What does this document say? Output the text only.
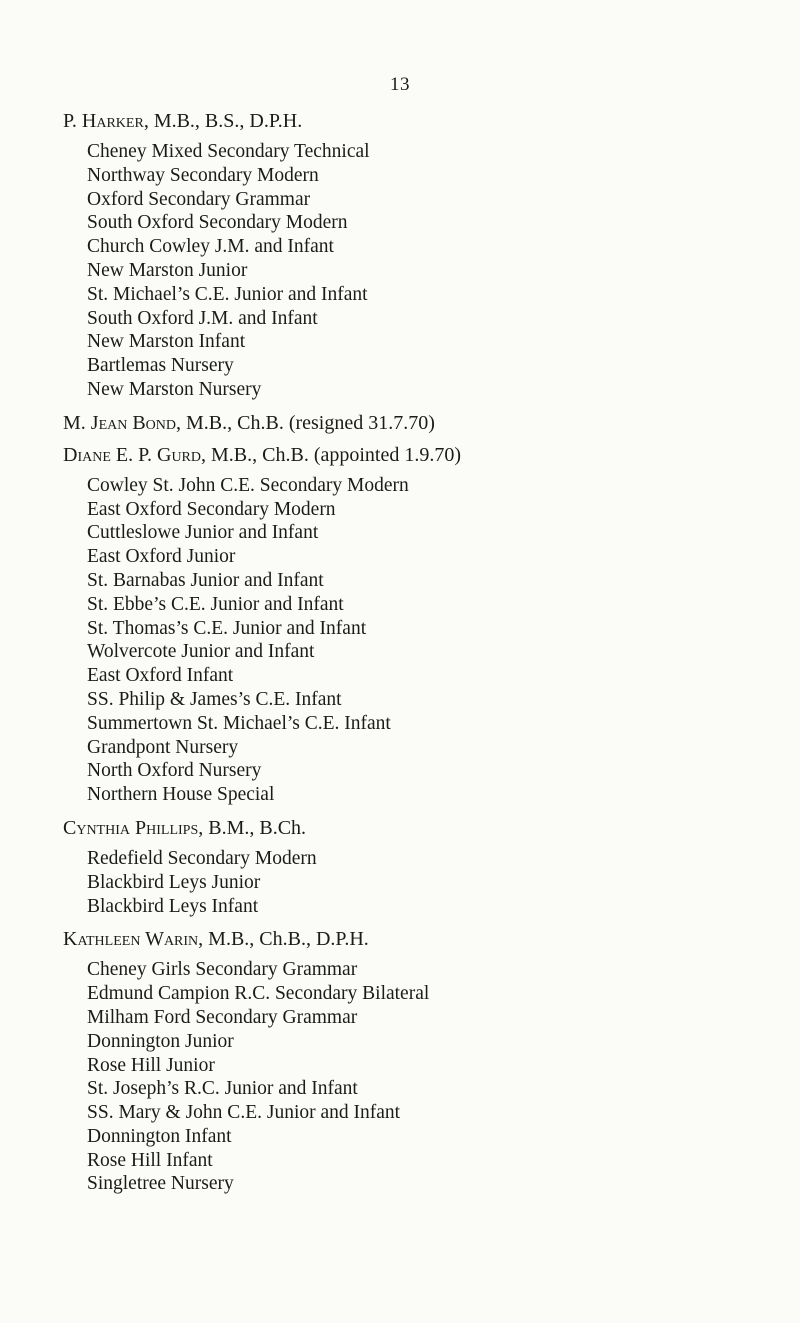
13
P. Harker, M.B., B.S., D.P.H.
Cheney Mixed Secondary Technical
Northway Secondary Modern
Oxford Secondary Grammar
South Oxford Secondary Modern
Church Cowley J.M. and Infant
New Marston Junior
St. Michael’s C.E. Junior and Infant
South Oxford J.M. and Infant
New Marston Infant
Bartlemas Nursery
New Marston Nursery
M. Jean Bond, M.B., Ch.B. (resigned 31.7.70)
Diane E. P. Gurd, M.B., Ch.B. (appointed 1.9.70)
Cowley St. John C.E. Secondary Modern
East Oxford Secondary Modern
Cuttleslowe Junior and Infant
East Oxford Junior
St. Barnabas Junior and Infant
St. Ebbe’s C.E. Junior and Infant
St. Thomas’s C.E. Junior and Infant
Wolvercote Junior and Infant
East Oxford Infant
SS. Philip & James’s C.E. Infant
Summertown St. Michael’s C.E. Infant
Grandpont Nursery
North Oxford Nursery
Northern House Special
Cynthia Phillips, B.M., B.Ch.
Redefield Secondary Modern
Blackbird Leys Junior
Blackbird Leys Infant
Kathleen Warin, M.B., Ch.B., D.P.H.
Cheney Girls Secondary Grammar
Edmund Campion R.C. Secondary Bilateral
Milham Ford Secondary Grammar
Donnington Junior
Rose Hill Junior
St. Joseph’s R.C. Junior and Infant
SS. Mary & John C.E. Junior and Infant
Donnington Infant
Rose Hill Infant
Singletree Nursery
